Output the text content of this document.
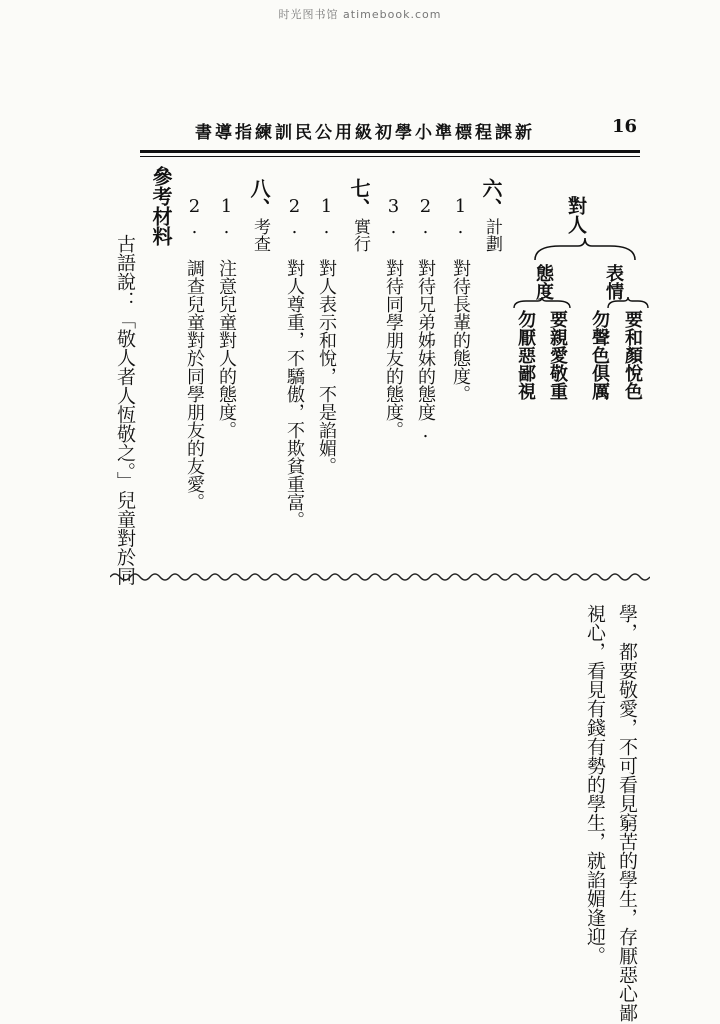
时光图书馆 atimebook.com
新課程標準小學初級用公民訓練指導書	16
對人
表情
態度
要和顏悅色
勿聲色俱厲
要親愛敬重
勿厭惡鄙視
六、
計劃
1. 對待長輩的態度。
2. 對待兄弟姊妹的態度.
3. 對待同學朋友的態度。
七、
實行
1. 對人表示和悅，不是諂媚。
2. 對人尊重，不驕傲，不欺貧重富。
八、
考查
1. 注意兒童對人的態度。
2. 調查兒童對於同學朋友的友愛。
參考材料
古語說：「敬人者人恆敬之。」兒童對於同
學，都要敬愛，不可看見窮苦的學生，存厭惡心鄙
視心，看見有錢有勢的學生，就諂媚逢迎。
